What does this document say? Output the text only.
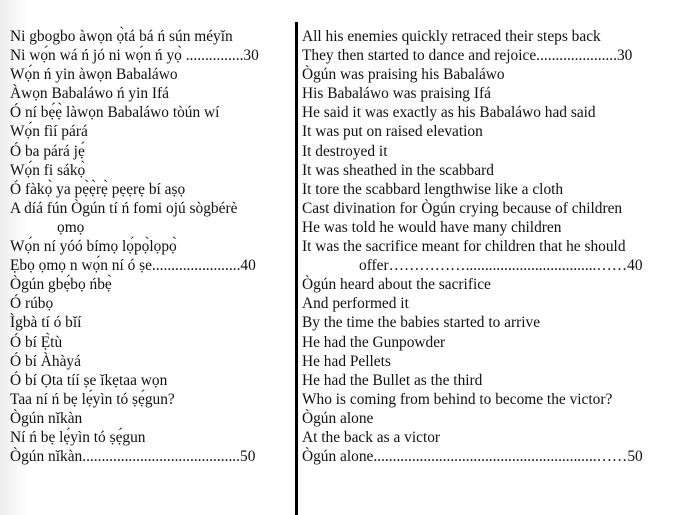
Ni gbogbo àwọn ọ̀tá bá ń sún méyǐn
Ni wọ́n wá ń jó ni wọ́n ń yọ̀ ...............30
Wọ́n ń yin àwọn Babaláwo
Àwọn Babaláwo ń yin Ifá
Ó ní bẹ́ẹ̀ làwọn Babaláwo tòún wí
Wọ́n fìí párá
Ó ba párá jẹ́
Wọ́n fi sákọ̀
Ó fàkọ̀ ya pẹ̀ẹ̀rẹ̀ pẹẹrẹ bí aṣọ
A díá fún Ògún tí ń fomi ojú sògbérè
ọmọ
Wọ́n ní yóó bímọ lọ́pọ̀lọpọ̀
Ẹbọ ọmọ n wọ́n ní ó ṣe.......................40
Ògún gbẹ́bọ ńbẹ̀
Ó rúbọ
Ìgbà tí ó bǐí
Ó bí Ẹ̀tù
Ó bí Àhàyá
Ó bí Ọta tíí ṣe ǐkẹtaa wọn
Taa ní ń bẹ lẹ́yìn tó ṣẹ́gun?
Ògún nǐkàn
Ní ń bẹ lẹ́yìn tó ṣẹ́gun
Ògún nǐkàn.........................................50
All his enemies quickly retraced their steps back
They then started to dance and rejoice.....................30
Ògún was praising his Babaláwo
His Babaláwo was praising Ifá
He said it was exactly as his Babaláwo had said
It was put on raised elevation
It destroyed it
It was sheathed in the scabbard
It tore the scabbard lengthwise like a cloth
Cast divination for Ògún crying because of children
He was told he would have many children
It was the sacrifice meant for children that he should
offer……………..................................……40
Ògún heard about the sacrifice
And performed it
By the time the babies started to arrive
He had the Gunpowder
He had Pellets
He had the Bullet as the third
Who is coming from behind to become the victor?
Ògún alone
At the back as a victor
Ògún alone..........................................................……50
